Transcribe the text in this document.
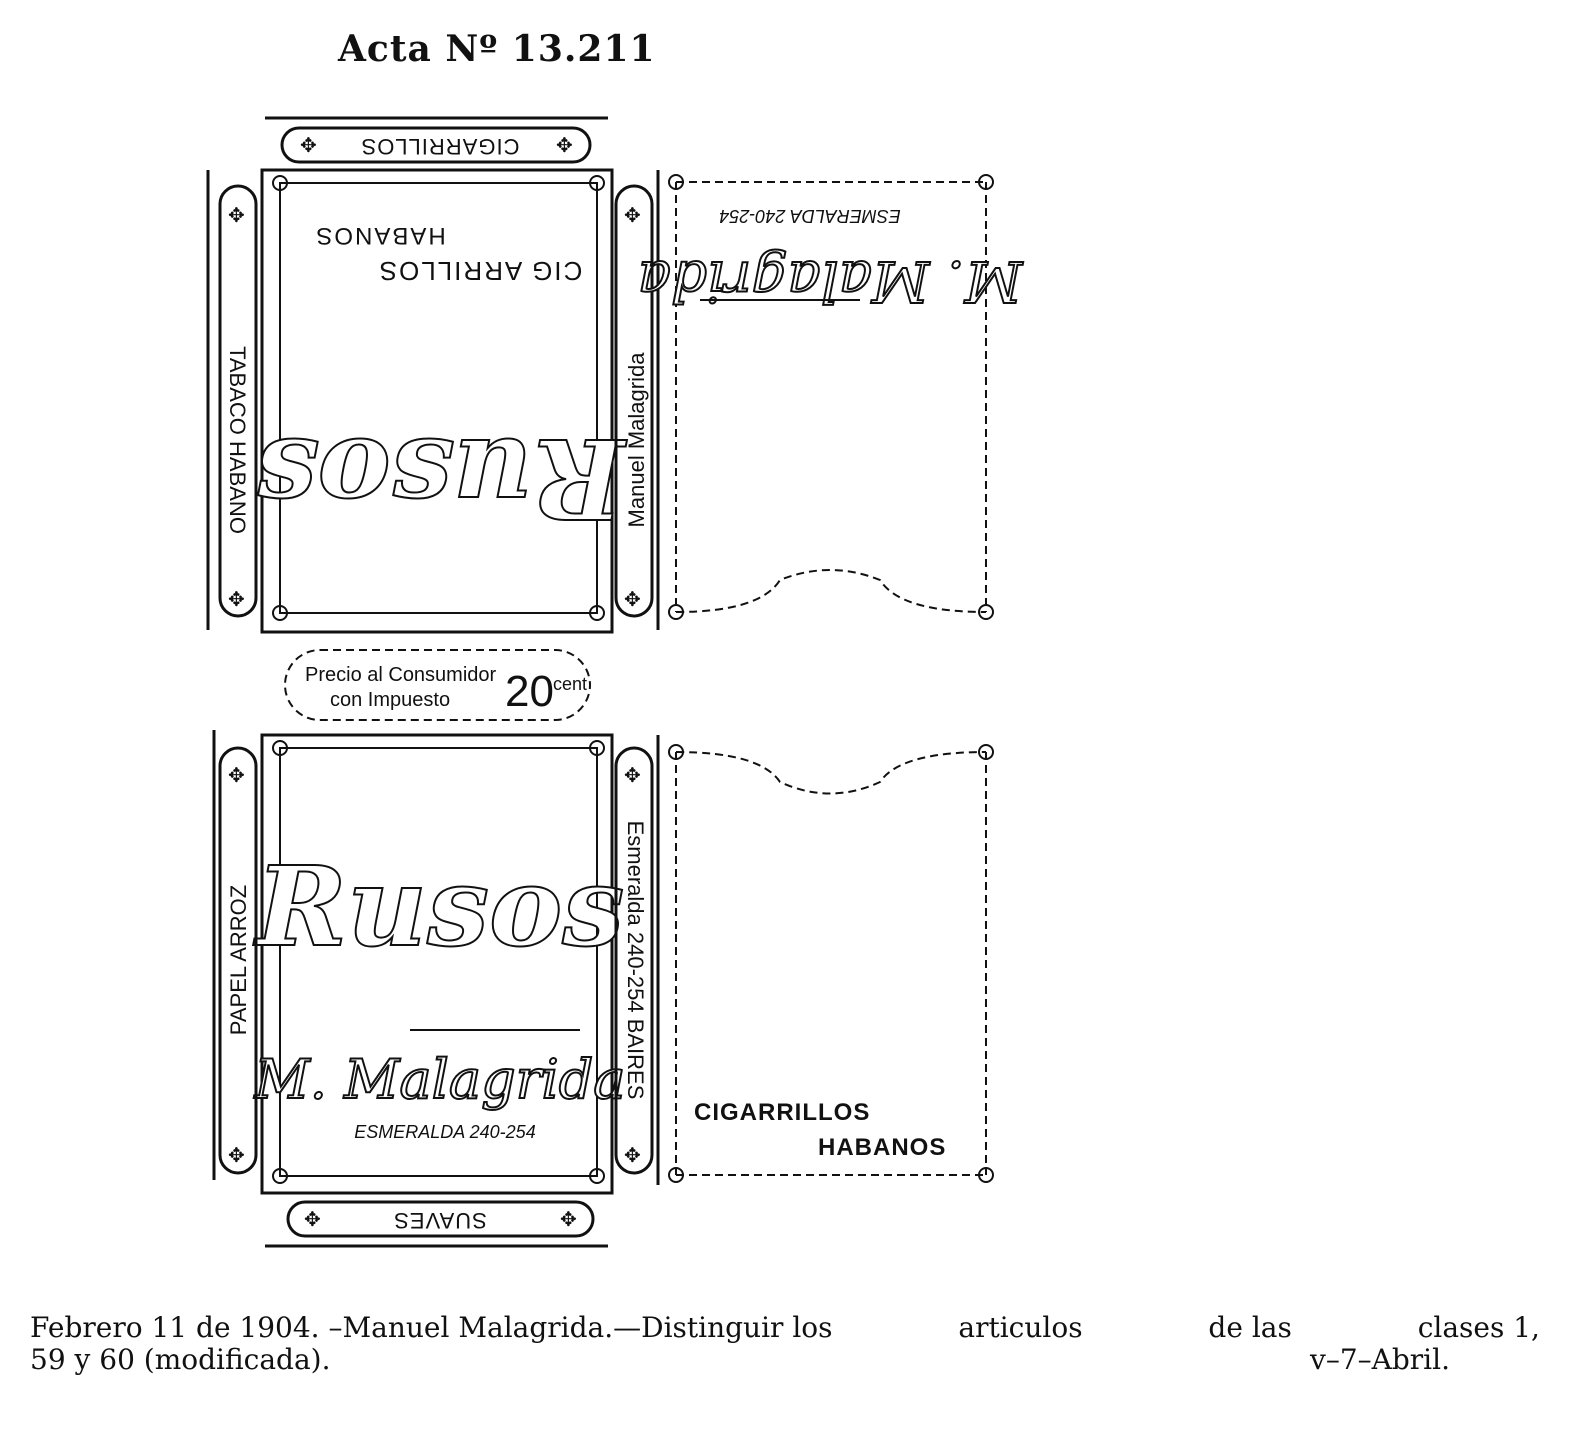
Acta Nº 13.211
CIGARRILLOS
✥	✥
HABANOS
CIG ARRILLOS
Rusos
TABACO HABANO
✥
✥
Manuel Malagrida
✥
✥
ESMERALDA 240-254
M. Malagrida
Precio al Consumidor
con Impuesto 20 cent
Rusos
M. Malagrida
ESMERALDA 240-254
PAPEL ARROZ
✥
✥
Esmeralda 240-254 BAIRES
✥
✥
CIGARRILLOS
HABANOS
SUAVES
✥	✥
Febrero 11 de 1904. –Manuel Malagrida.—Distinguir los	articulos	de las	clases 1,
59 y 60 (modificada).	v–7–Abril.
